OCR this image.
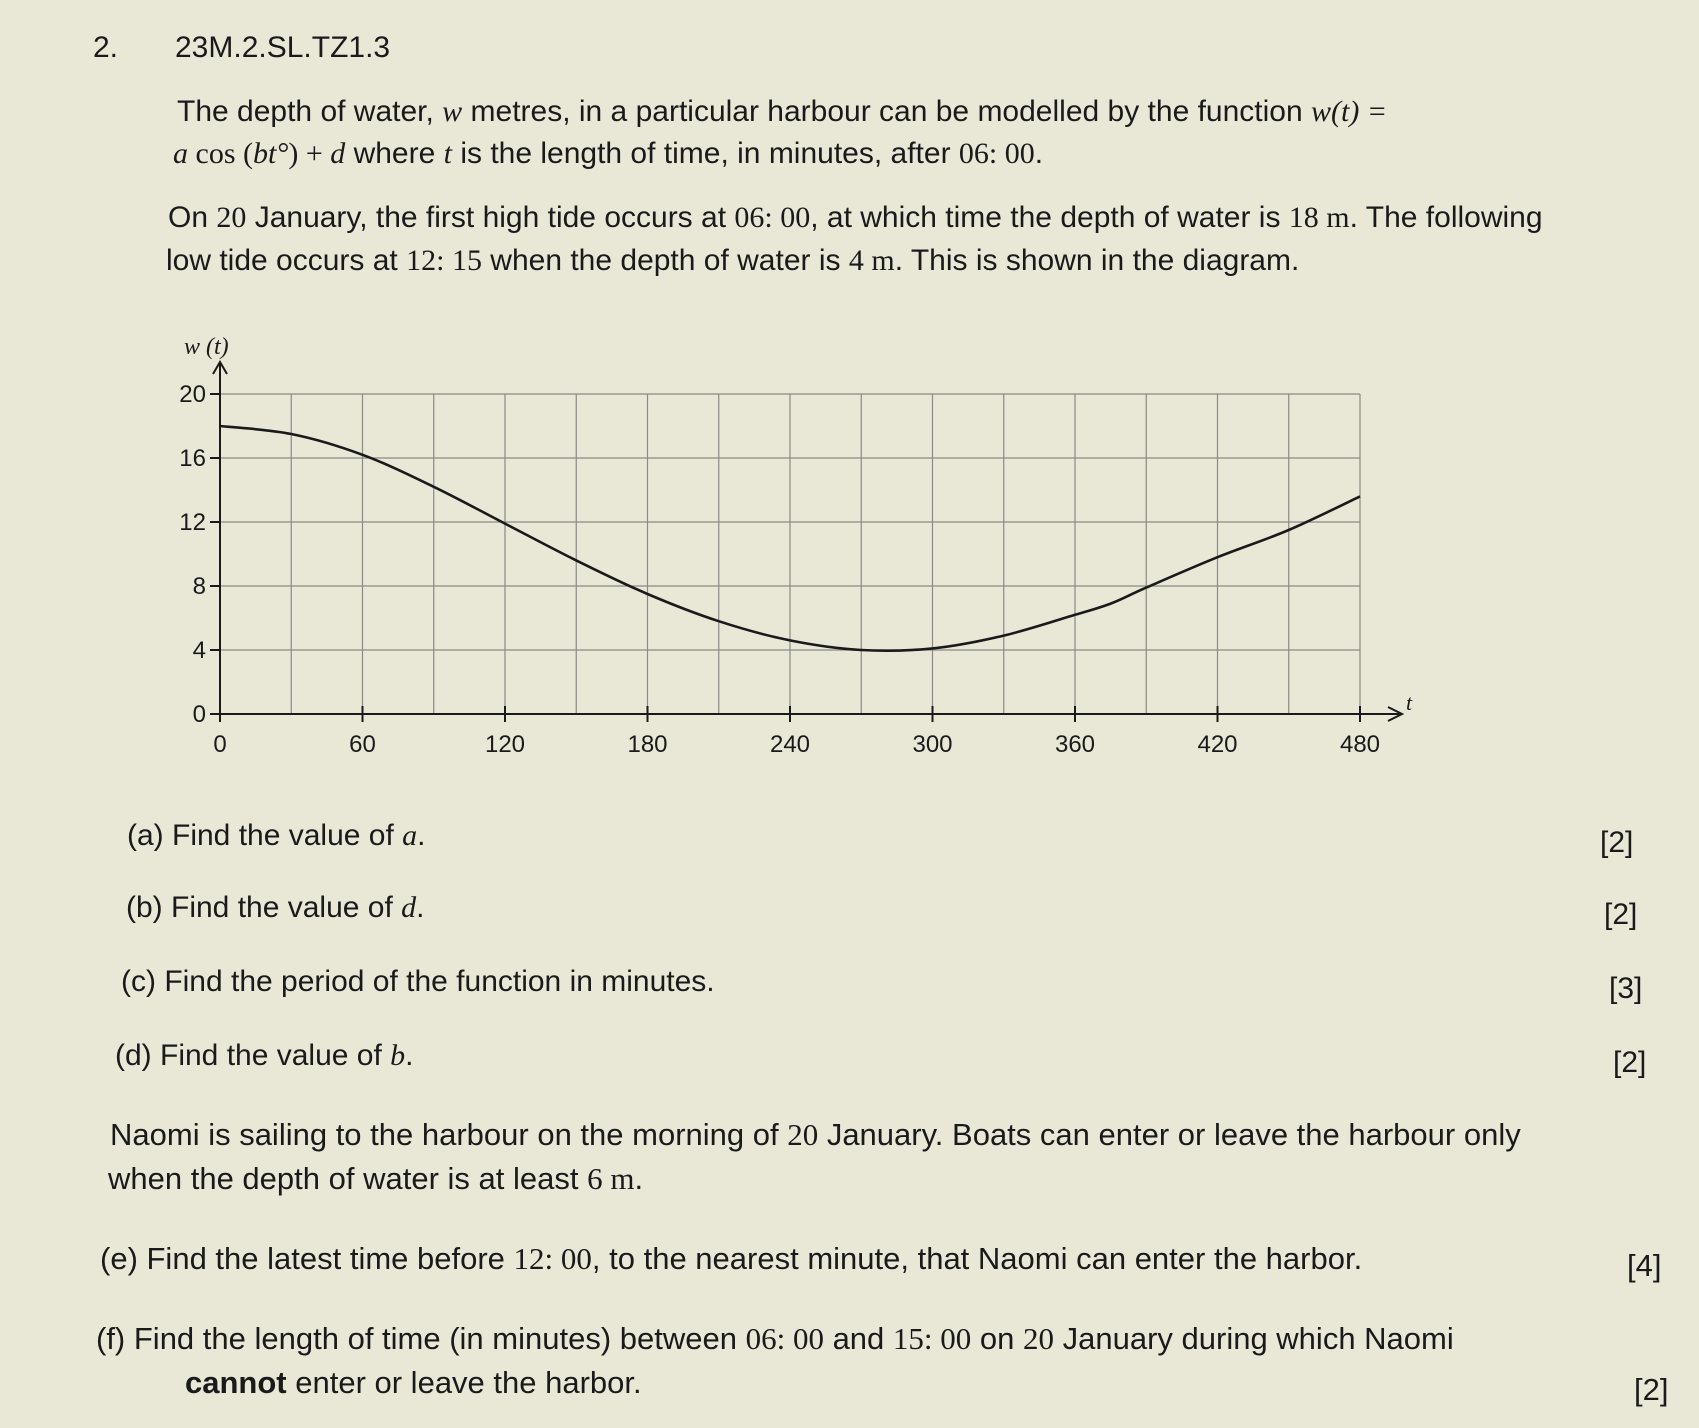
2. 23M.2.SL.TZ1.3
The depth of water, w metres, in a particular harbour can be modelled by the function w(t) =
a cos (bt°) + d where t is the length of time, in minutes, after 06: 00.
On 20 January, the first high tide occurs at 06: 00, at which time the depth of water is 18 m. The following
low tide occurs at 12: 15 when the depth of water is 4 m. This is shown in the diagram.
0	60	120	180	240	300	360	420	480
0
4
8
12
16
20
w (t)
t
(a) Find the value of a.	[2]
(b) Find the value of d.	[2]
(c) Find the period of the function in minutes.	[3]
(d) Find the value of b.	[2]
Naomi is sailing to the harbour on the morning of 20 January. Boats can enter or leave the harbour only
when the depth of water is at least 6 m.
(e) Find the latest time before 12: 00, to the nearest minute, that Naomi can enter the harbor.	[4]
(f) Find the length of time (in minutes) between 06: 00 and 15: 00 on 20 January during which Naomi
cannot enter or leave the harbor.	[2]
